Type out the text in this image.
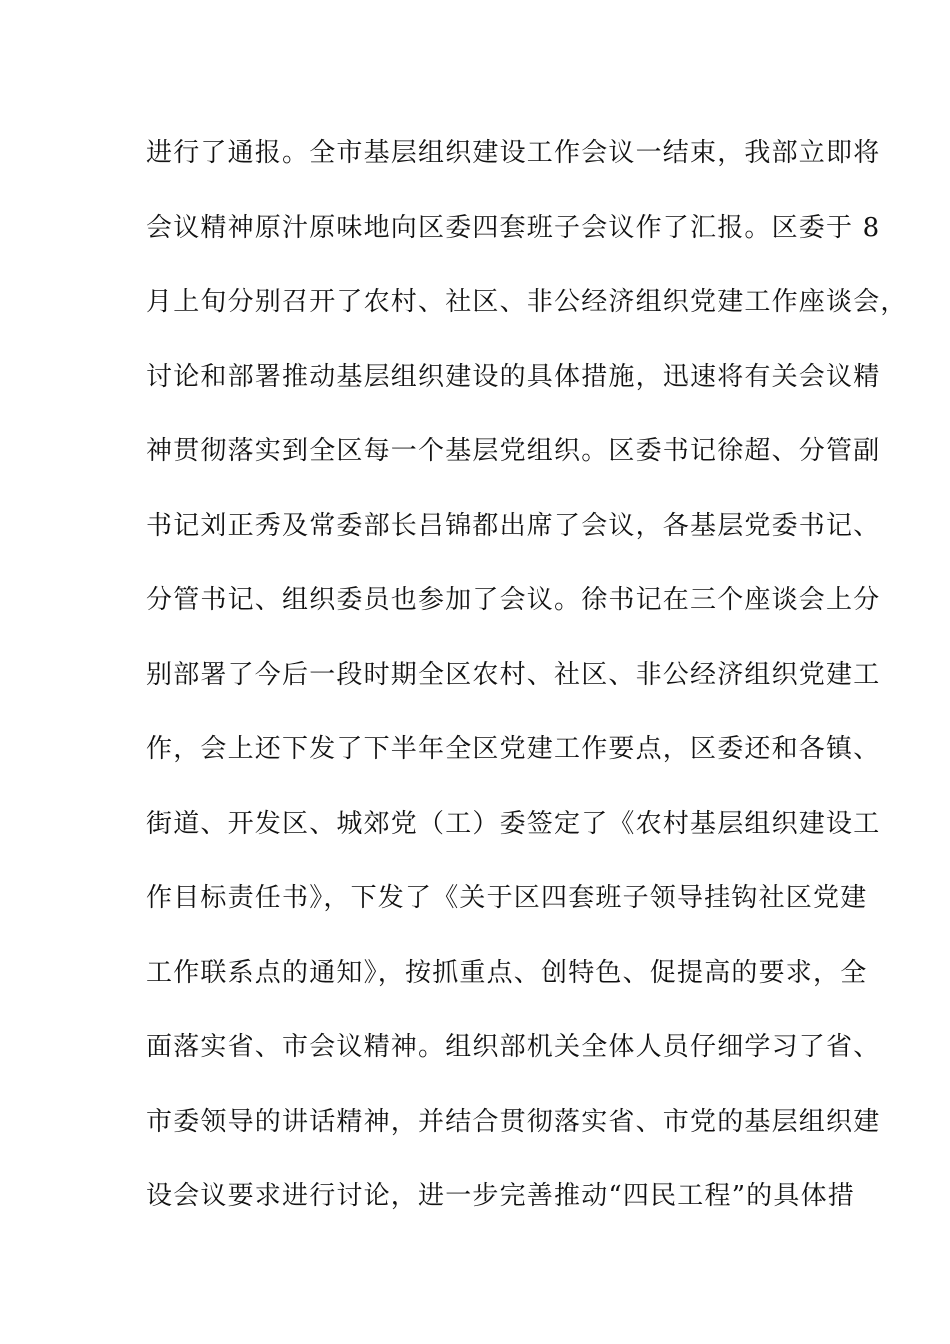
进行了通报。全市基层组织建设工作会议一结束，我部立即将
会议精神原汁原味地向区委四套班子会议作了汇报。区委于 8
月上旬分别召开了农村、社区、非公经济组织党建工作座谈会，
讨论和部署推动基层组织建设的具体措施，迅速将有关会议精
神贯彻落实到全区每一个基层党组织。区委书记徐超、分管副
书记刘正秀及常委部长吕锦都出席了会议，各基层党委书记、
分管书记、组织委员也参加了会议。徐书记在三个座谈会上分
别部署了今后一段时期全区农村、社区、非公经济组织党建工
作，会上还下发了下半年全区党建工作要点，区委还和各镇、
街道、开发区、城郊党（工）委签定了《农村基层组织建设工
作目标责任书》，下发了《关于区四套班子领导挂钩社区党建
工作联系点的通知》，按抓重点、创特色、促提高的要求，全
面落实省、市会议精神。组织部机关全体人员仔细学习了省、
市委领导的讲话精神，并结合贯彻落实省、市党的基层组织建
设会议要求进行讨论，进一步完善推动“四民工程”的具体措
